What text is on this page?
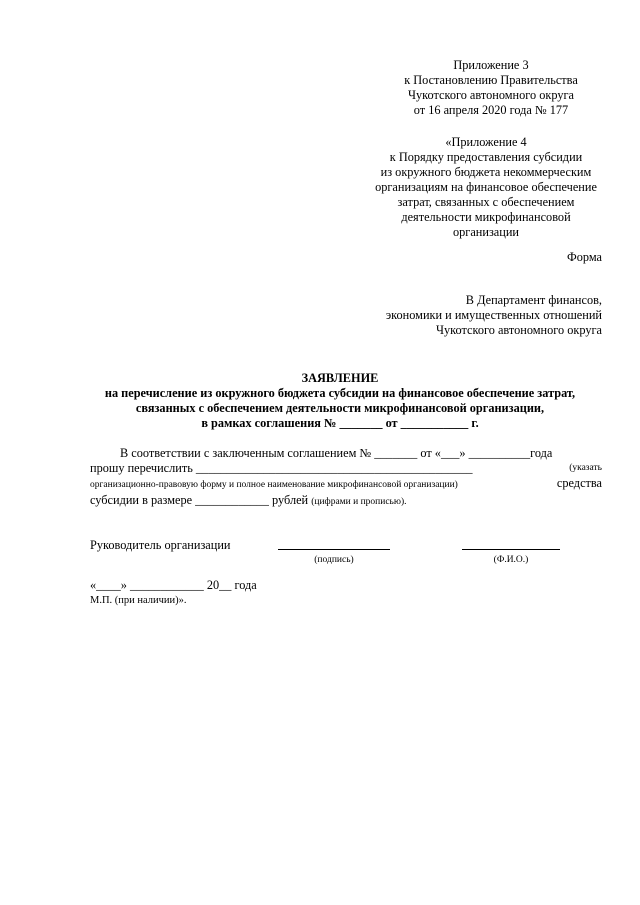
Приложение 3
к Постановлению Правительства
Чукотского автономного округа
от 16 апреля 2020 года № 177
«Приложение 4
к Порядку предоставления субсидии
из окружного бюджета некоммерческим
организациям на финансовое обеспечение
затрат, связанных с обеспечением
деятельности микрофинансовой
организации
Форма
В Департамент финансов,
экономики и имущественных отношений
Чукотского автономного округа
ЗАЯВЛЕНИЕ
на перечисление из окружного бюджета субсидии на финансовое обеспечение затрат,
связанных с обеспечением деятельности микрофинансовой организации,
в рамках соглашения № _______ от ___________ г.
В соответствии с заключенным соглашением № _______ от «___» __________года
прошу перечислить _____________________________________________	(указать
организационно-правовую форму и полное наименование микрофинансовой организации)	средства
субсидии в размере ____________ рублей (цифрами и прописью).
Руководитель организации
(подпись)	(Ф.И.О.)
«____» ____________ 20__ года
М.П. (при наличии)».
